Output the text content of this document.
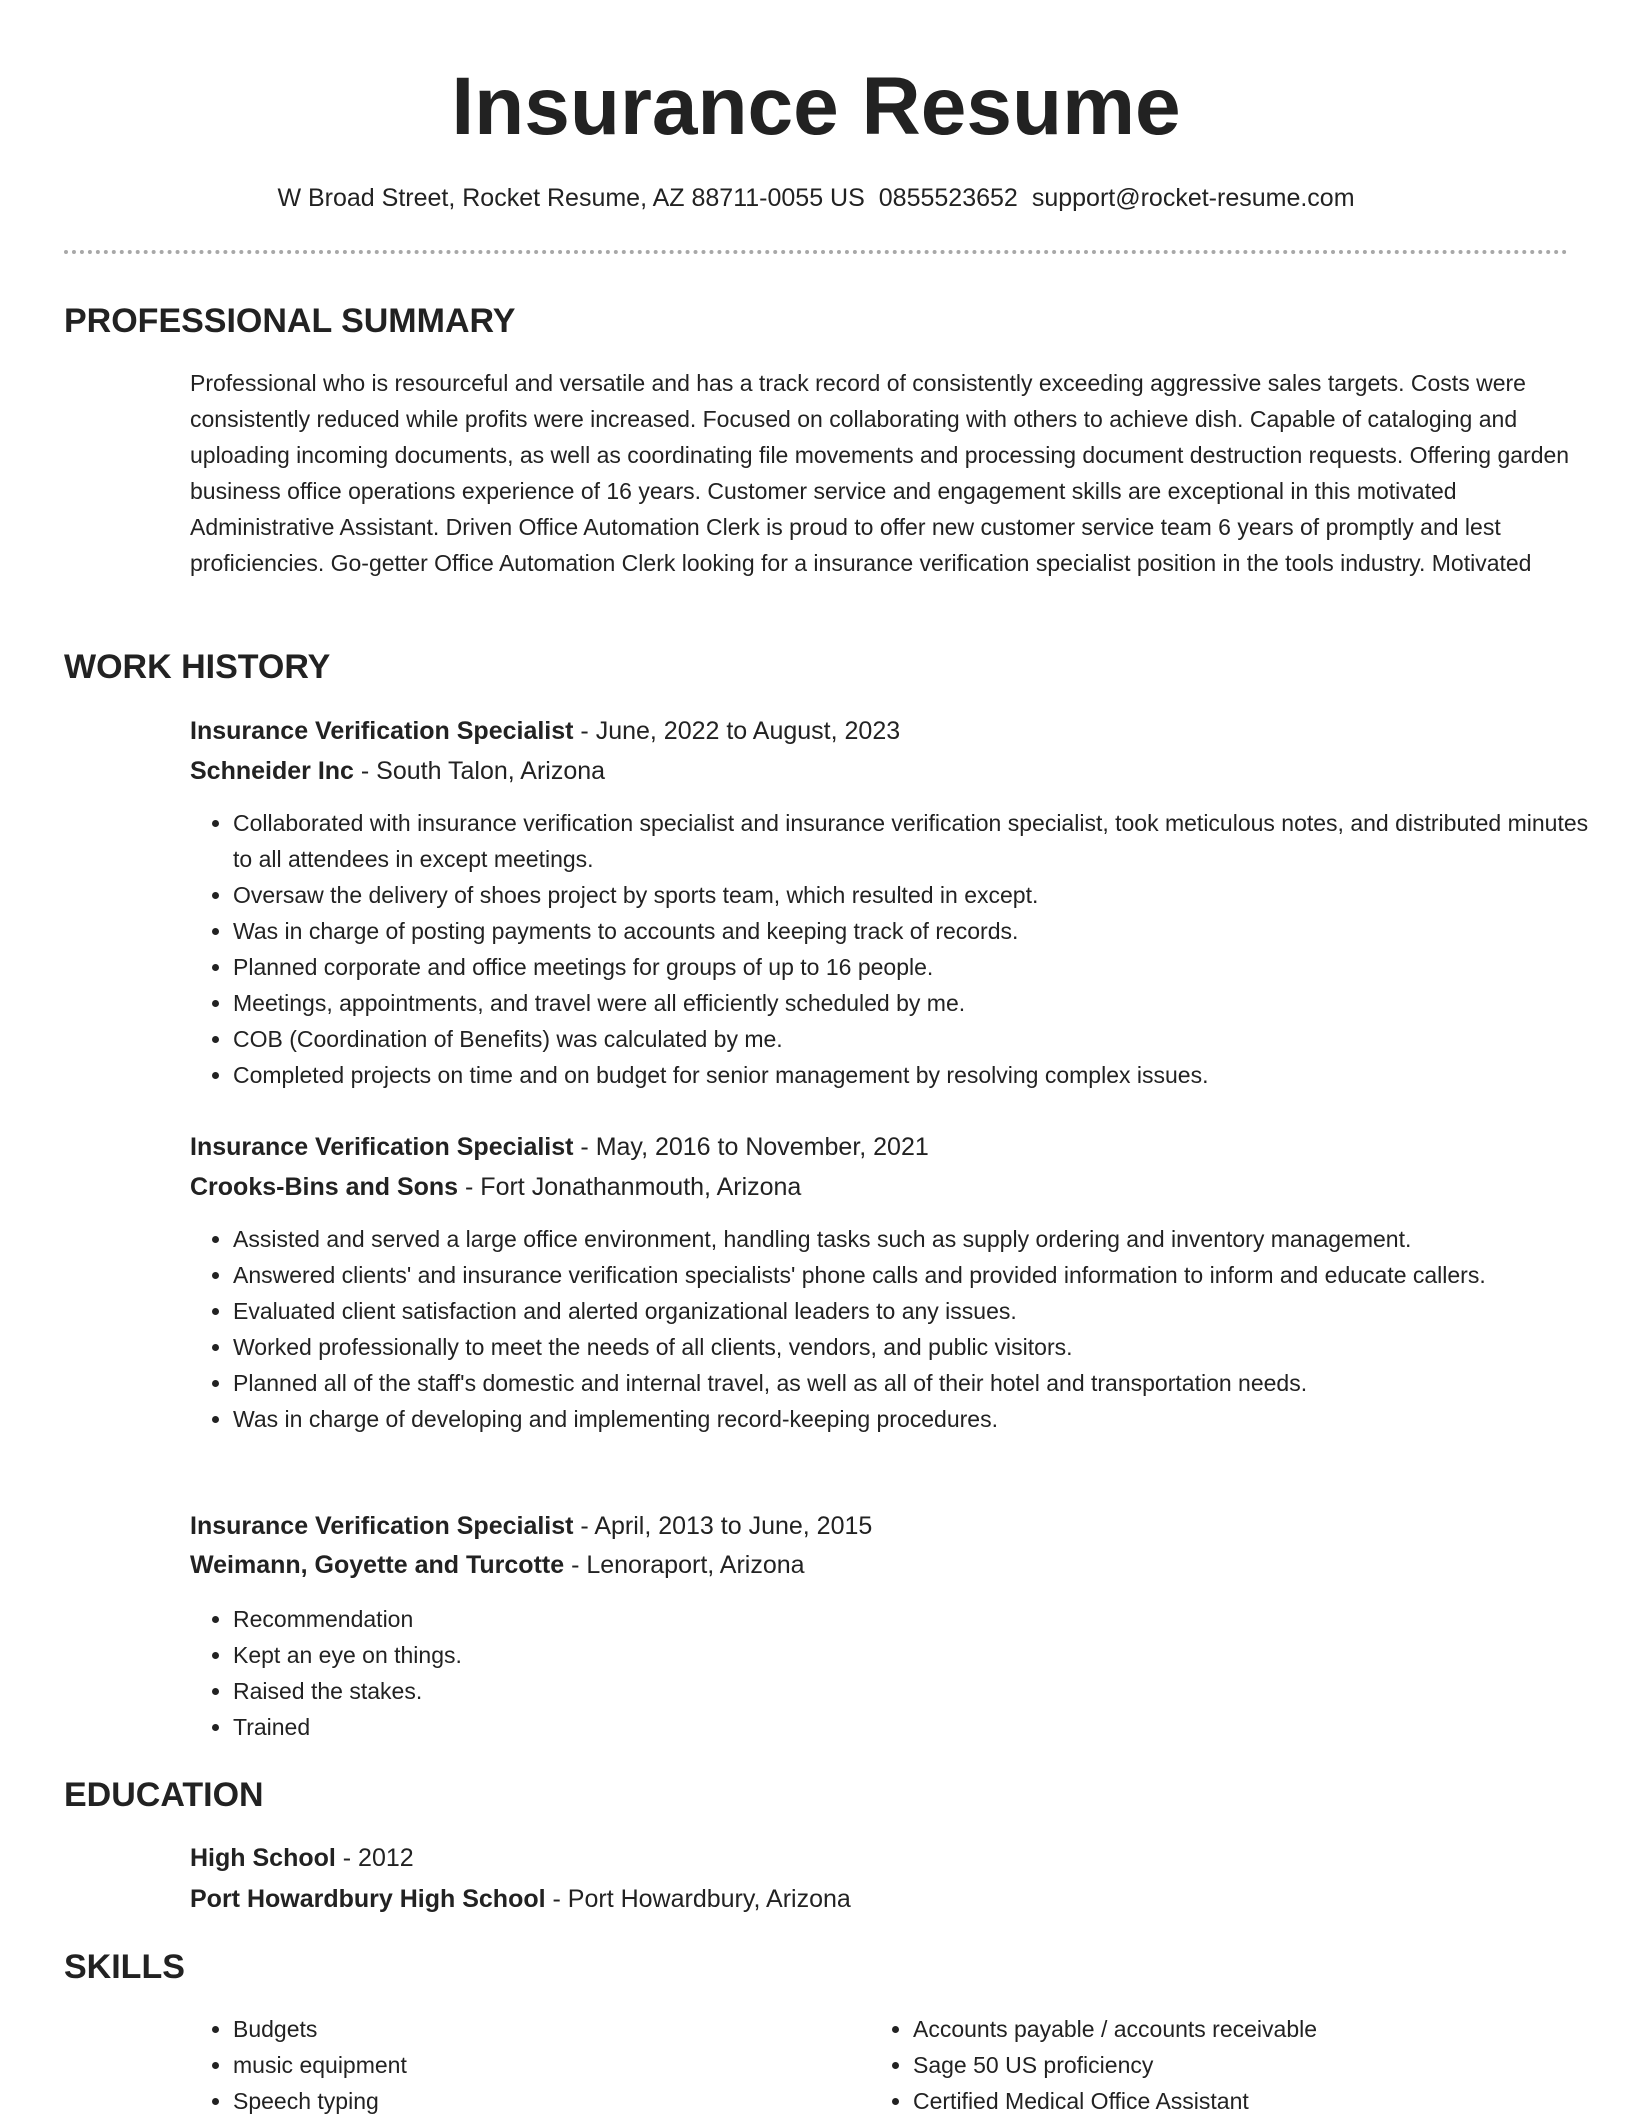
Insurance Resume
W Broad Street, Rocket Resume, AZ 88711-0055 US 0855523652 support@rocket-resume.com
PROFESSIONAL SUMMARY

Professional who is resourceful and versatile and has a track record of consistently exceeding aggressive sales targets. Costs were consistently reduced while profits were increased. Focused on collaborating with others to achieve dish. Capable of cataloging and uploading incoming documents, as well as coordinating file movements and processing document destruction requests. Offering garden business office operations experience of 16 years. Customer service and engagement skills are exceptional in this motivated Administrative Assistant. Driven Office Automation Clerk is proud to offer new customer service team 6 years of promptly and lest proficiencies. Go-getter Office Automation Clerk looking for a insurance verification specialist position in the tools industry. Motivated

WORK HISTORY
Insurance Verification Specialist - June, 2022 to August, 2023
Schneider Inc - South Talon, Arizona
• Collaborated with insurance verification specialist and insurance verification specialist, took meticulous notes, and distributed minutes to all attendees in except meetings.
• Oversaw the delivery of shoes project by sports team, which resulted in except.
• Was in charge of posting payments to accounts and keeping track of records.
• Planned corporate and office meetings for groups of up to 16 people.
• Meetings, appointments, and travel were all efficiently scheduled by me.
• COB (Coordination of Benefits) was calculated by me.
• Completed projects on time and on budget for senior management by resolving complex issues.
Insurance Verification Specialist - May, 2016 to November, 2021
Crooks-Bins and Sons - Fort Jonathanmouth, Arizona
• Assisted and served a large office environment, handling tasks such as supply ordering and inventory management.
• Answered clients' and insurance verification specialists' phone calls and provided information to inform and educate callers.
• Evaluated client satisfaction and alerted organizational leaders to any issues.
• Worked professionally to meet the needs of all clients, vendors, and public visitors.
• Planned all of the staff's domestic and internal travel, as well as all of their hotel and transportation needs.
• Was in charge of developing and implementing record-keeping procedures.
Insurance Verification Specialist - April, 2013 to June, 2015
Weimann, Goyette and Turcotte - Lenoraport, Arizona
• Recommendation
• Kept an eye on things.
• Raised the stakes.
• Trained
EDUCATION
High School - 2012
Port Howardbury High School - Port Howardbury, Arizona
SKILLS
• Budgets
• music equipment
• Speech typing
• Accounts payable / accounts receivable
• Sage 50 US proficiency
• Certified Medical Office Assistant
